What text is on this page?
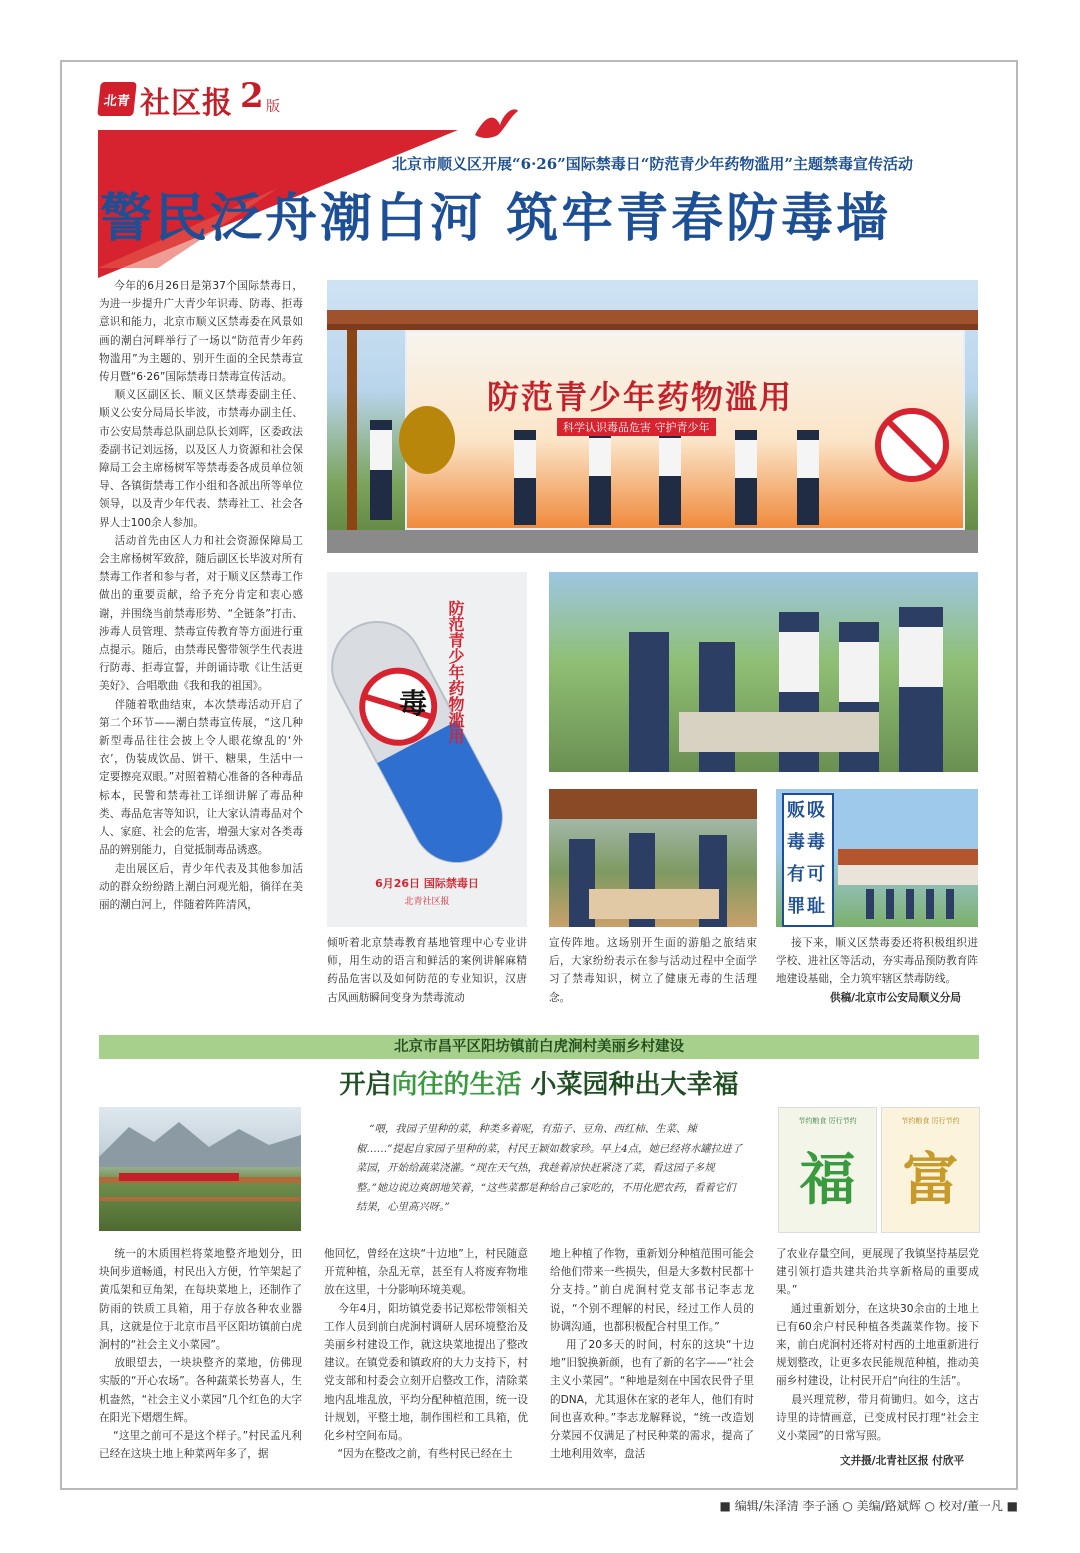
北青 社区报 2 版
北京市顺义区开展“6·26”国际禁毒日“防范青少年药物滥用”主题禁毒宣传活动
警民泛舟潮白河 筑牢青春防毒墙
今年的6月26日是第37个国际禁毒日，为进一步提升广大青少年识毒、防毒、拒毒意识和能力，北京市顺义区禁毒委在风景如画的潮白河畔举行了一场以“防范青少年药物滥用”为主题的、别开生面的全民禁毒宣传月暨“6·26”国际禁毒日禁毒宣传活动。
顺义区副区长、顺义区禁毒委副主任、顺义公安分局局长毕波，市禁毒办副主任、市公安局禁毒总队副总队长刘晖，区委政法委副书记刘远扬，以及区人力资源和社会保障局工会主席杨树军等禁毒委各成员单位领导、各镇街禁毒工作小组和各派出所等单位领导，以及青少年代表、禁毒社工、社会各界人士100余人参加。
活动首先由区人力和社会资源保障局工会主席杨树军致辞，随后副区长毕波对所有禁毒工作者和参与者，对于顺义区禁毒工作做出的重要贡献，给予充分肯定和衷心感谢，并围绕当前禁毒形势、“全链条”打击、涉毒人员管理、禁毒宣传教育等方面进行重点提示。随后，由禁毒民警带领学生代表进行防毒、拒毒宣誓，并朗诵诗歌《让生活更美好》、合唱歌曲《我和我的祖国》。
伴随着歌曲结束，本次禁毒活动开启了第二个环节——潮白禁毒宣传展，“这几种新型毒品往往会披上令人眼花缭乱的‘外衣’，伪装成饮品、饼干、糖果，生活中一定要擦亮双眼。”对照着精心准备的各种毒品标本，民警和禁毒社工详细讲解了毒品种类、毒品危害等知识，让大家认清毒品对个人、家庭、社会的危害，增强大家对各类毒品的辨别能力，自觉抵制毒品诱惑。
走出展区后，青少年代表及其他参加活动的群众纷纷踏上潮白河观光船，徜徉在美丽的潮白河上，伴随着阵阵清风，
防范青少年药物滥用
科学认识毒品危害 守护青少年
毒 防范青少年药物滥用
6月26日 国际禁毒日
北青社区报
贩
毒
有
罪
吸
毒
可
耻
倾听着北京禁毒教育基地管理中心专业讲师，用生动的语言和鲜活的案例讲解麻精药品危害以及如何防范的专业知识，汉唐古风画舫瞬间变身为禁毒流动
宣传阵地。这场别开生面的游船之旅结束后，大家纷纷表示在参与活动过程中全面学习了禁毒知识，树立了健康无毒的生活理念。
接下来，顺义区禁毒委还将积极组织进学校、进社区等活动，夯实毒品预防教育阵地建设基础，全力筑牢辖区禁毒防线。
供稿/北京市公安局顺义分局
北京市昌平区阳坊镇前白虎涧村美丽乡村建设
开启向往的生活 小菜园种出大幸福
“喂，我园子里种的菜，种类多着呢，有茄子、豆角、西红柿、生菜、辣椒……”提起自家园子里种的菜，村民王颖如数家珍。早上4点，她已经将水罐拉进了菜园，开始给蔬菜浇灌。“现在天气热，我趁着凉快赶紧浇了菜，看这园子多规整。”她边说边爽朗地笑着，“这些菜都是种给自己家吃的，不用化肥农药，看着它们结果，心里高兴呀。”
节约粮食 厉行节约
福
节约粮食 厉行节约
富
统一的木质围栏将菜地整齐地划分，田块间步道畅通，村民出入方便，竹竿架起了黄瓜架和豆角架，在每块菜地上，还制作了防雨的铁质工具箱，用于存放各种农业器具，这就是位于北京市昌平区阳坊镇前白虎涧村的“社会主义小菜园”。
放眼望去，一块块整齐的菜地，仿佛现实版的“开心农场”。各种蔬菜长势喜人，生机盎然，“社会主义小菜园”几个红色的大字在阳光下熠熠生辉。
“这里之前可不是这个样子。”村民孟凡利已经在这块土地上种菜两年多了，据
他回忆，曾经在这块“十边地”上，村民随意开荒种植，杂乱无章，甚至有人将废弃物堆放在这里，十分影响环境美观。
今年4月，阳坊镇党委书记郑松带领相关工作人员到前白虎涧村调研人居环境整治及美丽乡村建设工作，就这块菜地提出了整改建议。在镇党委和镇政府的大力支持下，村党支部和村委会立刻开启整改工作，清除菜地内乱堆乱放，平均分配种植范围，统一设计规划，平整土地，制作围栏和工具箱，优化乡村空间布局。
“因为在整改之前，有些村民已经在土
地上种植了作物，重新划分种植范围可能会给他们带来一些损失，但是大多数村民都十分支持。”前白虎涧村党支部书记李志龙说，“个别不理解的村民，经过工作人员的协调沟通，也都积极配合村里工作。”
用了20多天的时间，村东的这块“十边地”旧貌换新颜，也有了新的名字——“社会主义小菜园”。“种地是刻在中国农民骨子里的DNA，尤其退休在家的老年人，他们有时间也喜欢种。”李志龙解释说，“统一改造划分菜园不仅满足了村民种菜的需求，提高了土地利用效率，盘活
了农业存量空间，更展现了我镇坚持基层党建引领打造共建共治共享新格局的重要成果。”
通过重新划分，在这块30余亩的土地上已有60余户村民种植各类蔬菜作物。接下来，前白虎涧村还将对村西的土地重新进行规划整改，让更多农民能规范种植，推动美丽乡村建设，让村民开启“向往的生活”。
晨兴理荒秽，带月荷锄归。如今，这古诗里的诗情画意，已变成村民打理“社会主义小菜园”的日常写照。
文并摄/北青社区报 付欣平
■ 编辑/朱泽清 李子涵 ○ 美编/路斌辉 ○ 校对/董一凡 ■
